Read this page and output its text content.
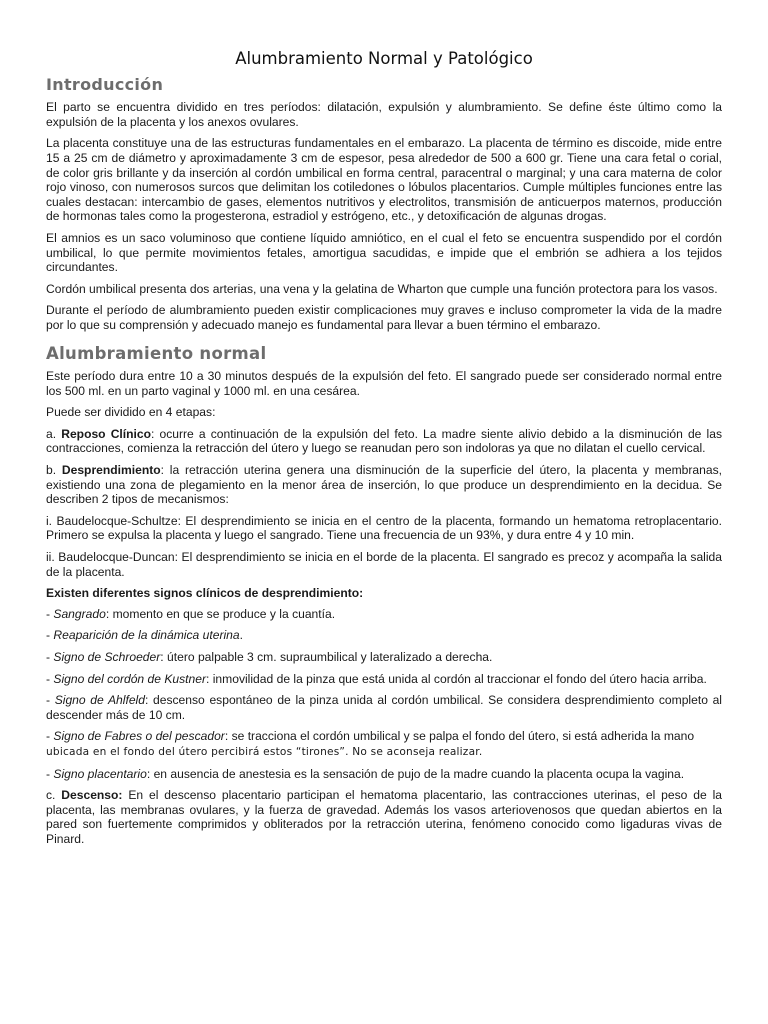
Alumbramiento Normal y Patológico
Introducción

El parto se encuentra dividido en tres períodos: dilatación, expulsión y alumbramiento. Se define éste último como la expulsión de la placenta y los anexos ovulares.

La placenta constituye una de las estructuras fundamentales en el embarazo. La placenta de término es discoide, mide entre 15 a 25 cm de diámetro y aproximadamente 3 cm de espesor, pesa alrededor de 500 a 600 gr. Tiene una cara fetal o corial, de color gris brillante y da inserción al cordón umbilical en forma central, paracentral o marginal; y una cara materna de color rojo vinoso, con numerosos surcos que delimitan los cotiledones o lóbulos placentarios. Cumple múltiples funciones entre las cuales destacan: intercambio de gases, elementos nutritivos y electrolitos, transmisión de anticuerpos maternos, producción de hormonas tales como la progesterona, estradiol y estrógeno, etc., y detoxificación de algunas drogas.

El amnios es un saco voluminoso que contiene líquido amniótico, en el cual el feto se encuentra suspendido por el cordón umbilical, lo que permite movimientos fetales, amortigua sacudidas, e impide que el embrión se adhiera a los tejidos circundantes.

Cordón umbilical presenta dos arterias, una vena y la gelatina de Wharton que cumple una función protectora para los vasos.

Durante el período de alumbramiento pueden existir complicaciones muy graves e incluso comprometer la vida de la madre por lo que su comprensión y adecuado manejo es fundamental para llevar a buen término el embarazo.

Alumbramiento normal

Este período dura entre 10 a 30 minutos después de la expulsión del feto. El sangrado puede ser considerado normal entre los 500 ml. en un parto vaginal y 1000 ml. en una cesárea.

Puede ser dividido en 4 etapas:

a. Reposo Clínico: ocurre a continuación de la expulsión del feto. La madre siente alivio debido a la disminución de las contracciones, comienza la retracción del útero y luego se reanudan pero son indoloras ya que no dilatan el cuello cervical.

b. Desprendimiento: la retracción uterina genera una disminución de la superficie del útero, la placenta y membranas, existiendo una zona de plegamiento en la menor área de inserción, lo que produce un desprendimiento en la decidua. Se describen 2 tipos de mecanismos:

i. Baudelocque-Schultze: El desprendimiento se inicia en el centro de la placenta, formando un hematoma retroplacentario. Primero se expulsa la placenta y luego el sangrado. Tiene una frecuencia de un 93%, y dura entre 4 y 10 min.

ii. Baudelocque-Duncan: El desprendimiento se inicia en el borde de la placenta. El sangrado es precoz y acompaña la salida de la placenta.

Existen diferentes signos clínicos de desprendimiento:

- Sangrado: momento en que se produce y la cuantía.

- Reaparición de la dinámica uterina.

- Signo de Schroeder: útero palpable 3 cm. supraumbilical y lateralizado a derecha.

- Signo del cordón de Kustner: inmovilidad de la pinza que está unida al cordón al traccionar el fondo del útero hacia arriba.

- Signo de Ahlfeld: descenso espontáneo de la pinza unida al cordón umbilical. Se considera desprendimiento completo al descender más de 10 cm.

- Signo de Fabres o del pescador: se tracciona el cordón umbilical y se palpa el fondo del útero, si está adherida la mano
ubicada en el fondo del útero percibirá estos “tirones”. No se aconseja realizar.

- Signo placentario: en ausencia de anestesia es la sensación de pujo de la madre cuando la placenta ocupa la vagina.

c. Descenso: En el descenso placentario participan el hematoma placentario, las contracciones uterinas, el peso de la placenta, las membranas ovulares, y la fuerza de gravedad. Además los vasos arteriovenosos que quedan abiertos en la pared son fuertemente comprimidos y obliterados por la retracción uterina, fenómeno conocido como ligaduras vivas de Pinard.
